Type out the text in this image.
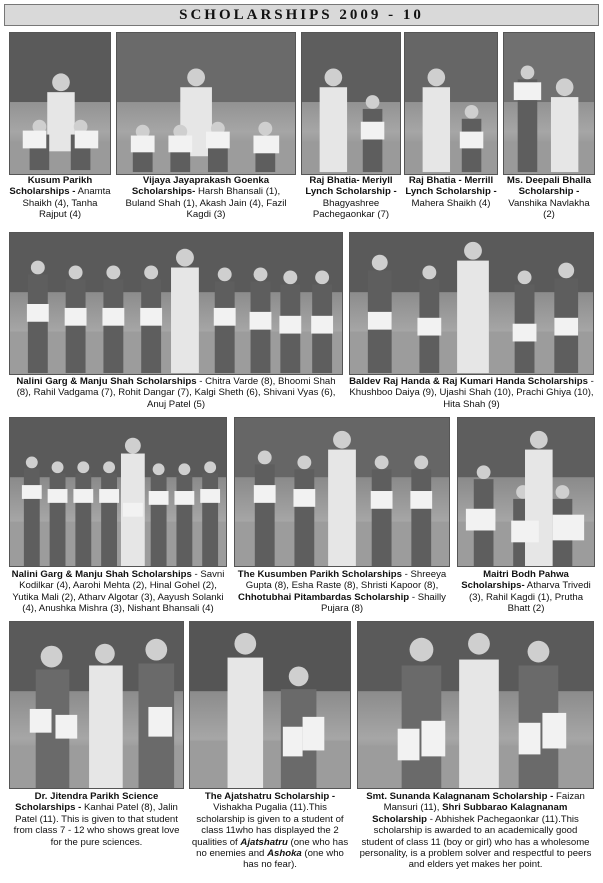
SCHOLARSHIPS 2009 - 10
Kusum Parikh Scholarships - Anamta Shaikh (4), Tanha Rajput (4)
Vijaya Jayaprakash Goenka Scholarships- Harsh Bhansali (1), Buland Shah (1), Akash Jain (4), Fazil Kagdi (3)
Raj Bhatia- Meriyll Lynch Scholarship - Bhagyashree Pachegaonkar (7)
Raj Bhatia - Merrill Lynch Scholarship - Mahera Shaikh (4)
Ms. Deepali Bhalla Scholarship - Vanshika Navlakha (2)
Nalini Garg & Manju Shah Scholarships - Chitra Varde (8), Bhoomi Shah (8), Rahil Vadgama (7), Rohit Dangar (7), Kalgi Sheth (6), Shivani Vyas (6), Anuj Patel (5)
Baldev Raj Handa & Raj Kumari Handa Scholarships - Khushboo Daiya (9), Ujashi Shah (10), Prachi Ghiya (10), Hita Shah (9)
Nalini Garg & Manju Shah Scholarships - Savni Kodilkar (4), Aarohi Mehta (2), Hinal Gohel (2), Yutika Mali (2), Atharv Algotar (3), Aayush Solanki (4), Anushka Mishra (3), Nishant Bhansali (4)
The Kusumben Parikh Scholarships - Shreeya Gupta (8), Esha Raste (8), Shristi Kapoor (8), Chhotubhai Pitambardas Scholarship - Shailly Pujara (8)
Maitri Bodh Pahwa Scholarships- Atharva Trivedi (3), Rahil Kagdi (1), Prutha Bhatt (2)
Dr. Jitendra Parikh Science Scholarships - Kanhai Patel (8), Jalin Patel (11). This is given to that student from class 7 - 12 who shows great love for the pure sciences.
The Ajatshatru Scholarship - Vishakha Pugalia (11).This scholarship is given to a student of class 11who has displayed the 2 qualities of Ajatshatru (one who has no enemies and Ashoka (one who has no fear).
Smt. Sunanda Kalagnanam Scholarship - Faizan Mansuri (11), Shri Subbarao Kalagnanam Scholarship - Abhishek Pachegaonkar (11).This scholarship is awarded to an academically good student of class 11 (boy or girl) who has a wholesome personality, is a problem solver and respectful to peers and elders yet makes her point.
